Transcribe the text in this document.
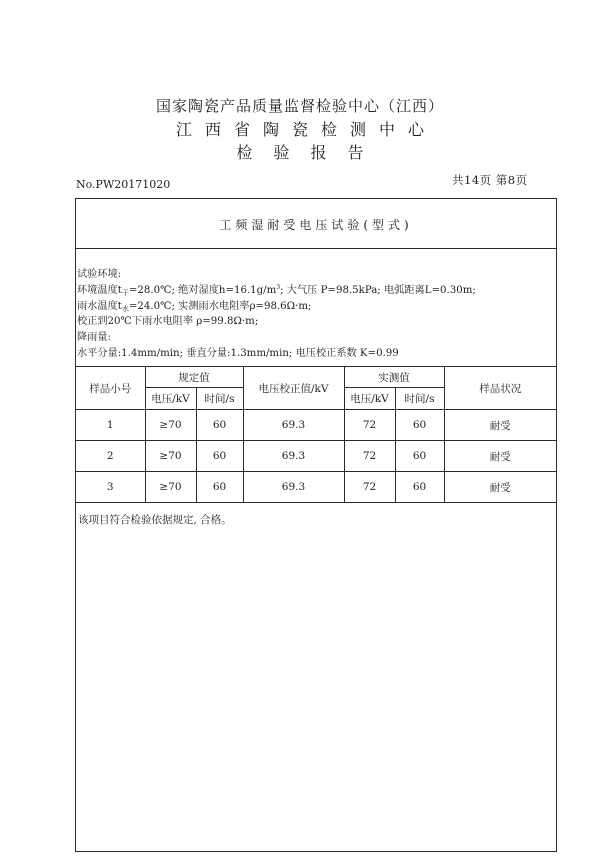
国家陶瓷产品质量监督检验中心（江西）
江西省陶瓷检测中心
检验报告
No.PW20171020	共14页 第8页
工频湿耐受电压试验(型式)
试验环境:
环境温度$t_干=28.0℃$; 绝对湿度$h=16.1g/m^3$; 大气压 P=98.5kPa; 电弧距离L=0.30m;
雨水温度$t_水=24.0℃$; 实测雨水电阻率ρ=98.6Ω·m;
校正到20℃下雨水电阻率 ρ=99.8Ω·m;
降雨量:
水平分量:1.4mm/min; 垂直分量:1.3mm/min; 电压校正系数 K=0.99
样品小号	规定值		电压校正值/kV	实测值		样品状况
	电压/kV	时间/s		电压/kV	时间/s	
1	≥70	60	69.3	72	60	耐受
2	≥70	60	69.3	72	60	耐受
3	≥70	60	69.3	72	60	耐受
该项目符合检验依据规定, 合格。
